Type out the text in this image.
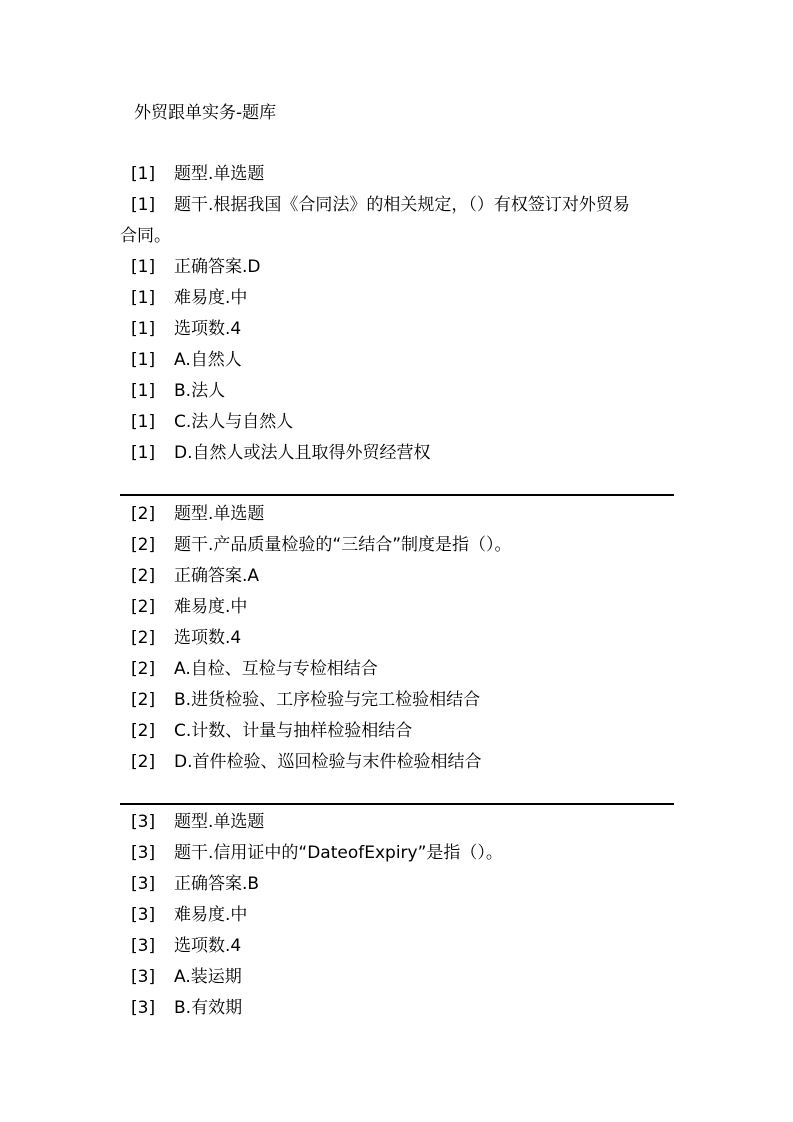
外贸跟单实务-题库
[1] 题型.单选题
[1] 题干.根据我国《合同法》的相关规定，（）有权签订对外贸易
合同。
[1] 正确答案.D
[1] 难易度.中
[1] 选项数.4
[1] A.自然人
[1] B.法人
[1] C.法人与自然人
[1] D.自然人或法人且取得外贸经营权
[2] 题型.单选题
[2] 题干.产品质量检验的“三结合”制度是指（）。
[2] 正确答案.A
[2] 难易度.中
[2] 选项数.4
[2] A.自检、互检与专检相结合
[2] B.进货检验、工序检验与完工检验相结合
[2] C.计数、计量与抽样检验相结合
[2] D.首件检验、巡回检验与末件检验相结合
[3] 题型.单选题
[3] 题干.信用证中的“DateofExpiry”是指（）。
[3] 正确答案.B
[3] 难易度.中
[3] 选项数.4
[3] A.装运期
[3] B.有效期
